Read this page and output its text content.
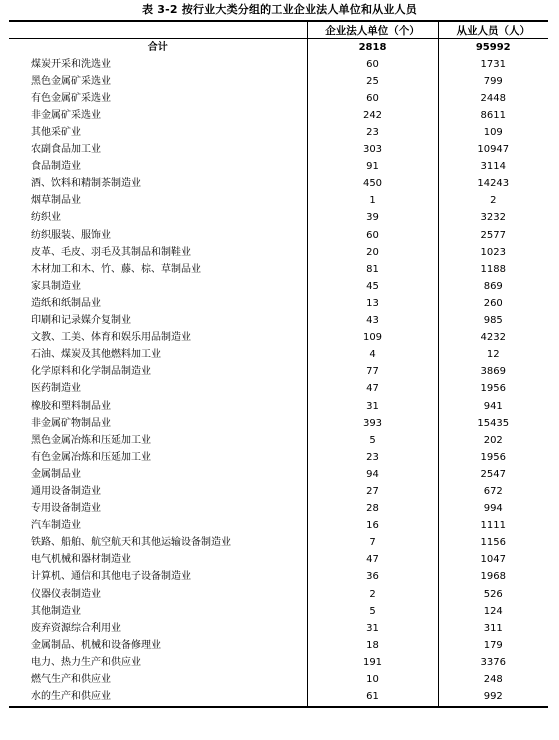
表 3-2 按行业大类分组的工业企业法人单位和从业人员
	企业法人单位（个）	从业人员（人）
合计	2818	95992
煤炭开采和洗选业	60	1731
黑色金属矿采选业	25	799
有色金属矿采选业	60	2448
非金属矿采选业	242	8611
其他采矿业	23	109
农副食品加工业	303	10947
食品制造业	91	3114
酒、饮料和精制茶制造业	450	14243
烟草制品业	1	2
纺织业	39	3232
纺织服装、服饰业	60	2577
皮革、毛皮、羽毛及其制品和制鞋业	20	1023
木材加工和木、竹、藤、棕、草制品业	81	1188
家具制造业	45	869
造纸和纸制品业	13	260
印刷和记录媒介复制业	43	985
文教、工美、体育和娱乐用品制造业	109	4232
石油、煤炭及其他燃料加工业	4	12
化学原料和化学制品制造业	77	3869
医药制造业	47	1956
橡胶和塑料制品业	31	941
非金属矿物制品业	393	15435
黑色金属冶炼和压延加工业	5	202
有色金属冶炼和压延加工业	23	1956
金属制品业	94	2547
通用设备制造业	27	672
专用设备制造业	28	994
汽车制造业	16	1111
铁路、船舶、航空航天和其他运输设备制造业	7	1156
电气机械和器材制造业	47	1047
计算机、通信和其他电子设备制造业	36	1968
仪器仪表制造业	2	526
其他制造业	5	124
废弃资源综合利用业	31	311
金属制品、机械和设备修理业	18	179
电力、热力生产和供应业	191	3376
燃气生产和供应业	10	248
水的生产和供应业	61	992
